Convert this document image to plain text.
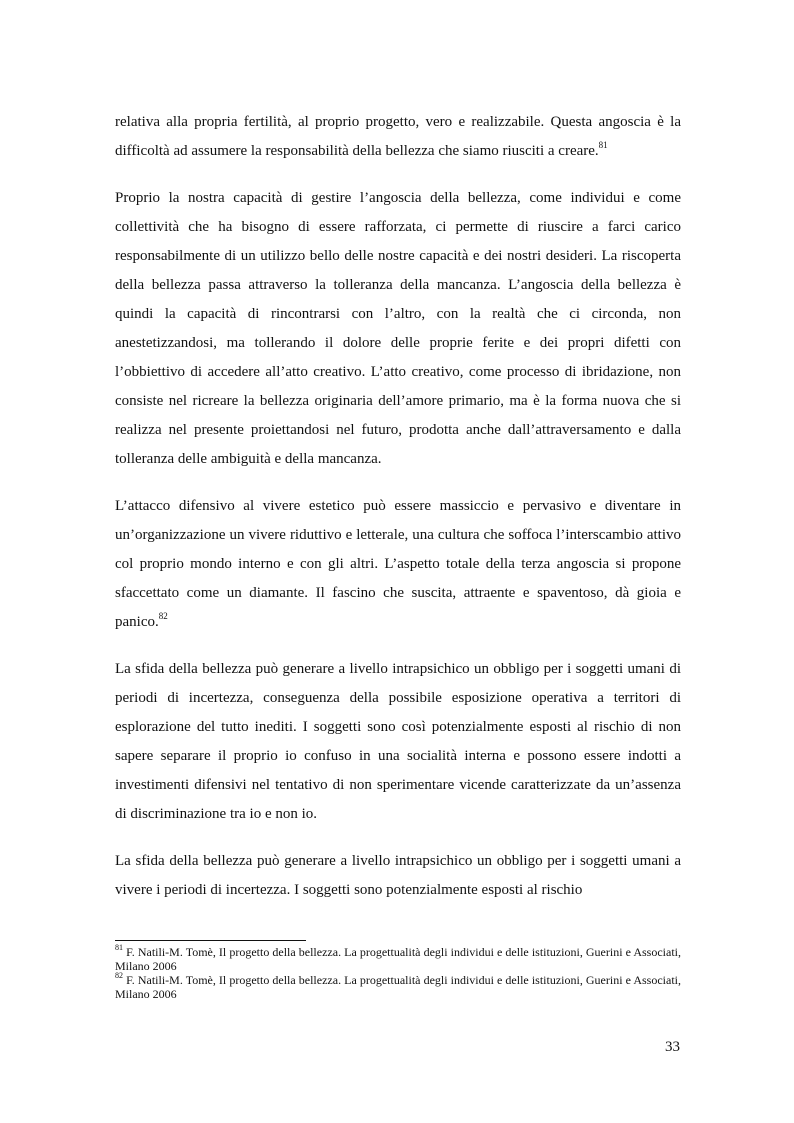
relativa alla propria fertilità, al proprio progetto, vero e realizzabile. Questa angoscia è la difficoltà ad assumere la responsabilità della bellezza che siamo riusciti a creare.$^{81}$

Proprio la nostra capacità di gestire l’angoscia della bellezza, come individui e come collettività che ha bisogno di essere rafforzata, ci permette di riuscire a farci carico responsabilmente di un utilizzo bello delle nostre capacità e dei nostri desideri. La riscoperta della bellezza passa attraverso la tolleranza della mancanza. L’angoscia della bellezza è quindi la capacità di rincontrarsi con l’altro, con la realtà che ci circonda, non anestetizzandosi, ma tollerando il dolore delle proprie ferite e dei propri difetti con l’obbiettivo di accedere all’atto creativo. L’atto creativo, come processo di ibridazione, non consiste nel ricreare la bellezza originaria dell’amore primario, ma è la forma nuova che si realizza nel presente proiettandosi nel futuro, prodotta anche dall’attraversamento e dalla tolleranza delle ambiguità e della mancanza.

L’attacco difensivo al vivere estetico può essere massiccio e pervasivo e diventare in un’organizzazione un vivere riduttivo e letterale, una cultura che soffoca l’interscambio attivo col proprio mondo interno e con gli altri. L’aspetto totale della terza angoscia si propone sfaccettato come un diamante. Il fascino che suscita, attraente e spaventoso, dà gioia e panico.$^{82}$

La sfida della bellezza può generare a livello intrapsichico un obbligo per i soggetti umani di periodi di incertezza, conseguenza della possibile esposizione operativa a territori di esplorazione del tutto inediti. I soggetti sono così potenzialmente esposti al rischio di non sapere separare il proprio io confuso in una socialità interna e possono essere indotti a investimenti difensivi nel tentativo di non sperimentare vicende caratterizzate da un’assenza di discriminazione tra io e non io.

La sfida della bellezza può generare a livello intrapsichico un obbligo per i soggetti umani a vivere i periodi di incertezza. I soggetti sono potenzialmente esposti al rischio

$^{81}$ F. Natili-M. Tomè, Il progetto della bellezza. La progettualità degli individui e delle istituzioni, Guerini e Associati, Milano 2006

$^{82}$ F. Natili-M. Tomè, Il progetto della bellezza. La progettualità degli individui e delle istituzioni, Guerini e Associati, Milano 2006

33
